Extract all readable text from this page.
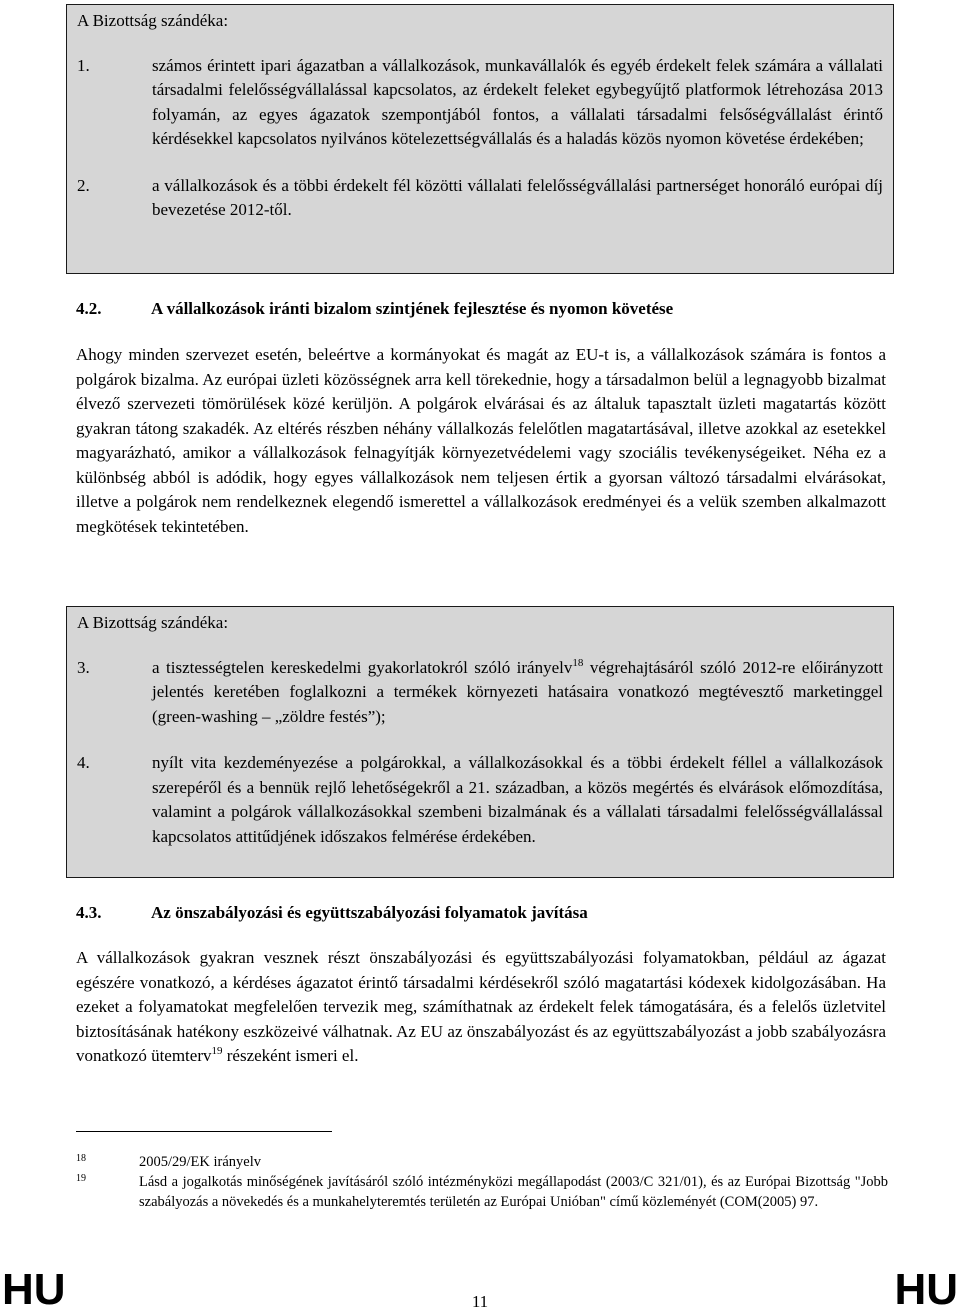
A Bizottság szándéka:
1.	számos érintett ipari ágazatban a vállalkozások, munkavállalók és egyéb érdekelt felek számára a vállalati társadalmi felelősségvállalással kapcsolatos, az érdekelt feleket egybegyűjtő platformok létrehozása 2013 folyamán, az egyes ágazatok szempontjából fontos, a vállalati társadalmi felsőségvállalást érintő kérdésekkel kapcsolatos nyilvános kötelezettségvállalás és a haladás közös nyomon követése érdekében;
2.	a vállalkozások és a többi érdekelt fél közötti vállalati felelősségvállalási partnerséget honoráló európai díj bevezetése 2012-től.
4.2.	A vállalkozások iránti bizalom szintjének fejlesztése és nyomon követése

Ahogy minden szervezet esetén, beleértve a kormányokat és magát az EU-t is, a vállalkozások számára is fontos a polgárok bizalma. Az európai üzleti közösségnek arra kell törekednie, hogy a társadalmon belül a legnagyobb bizalmat élvező szervezeti tömörülések közé kerüljön. A polgárok elvárásai és az általuk tapasztalt üzleti magatartás között gyakran tátong szakadék. Az eltérés részben néhány vállalkozás felelőtlen magatartásával, illetve azokkal az esetekkel magyarázható, amikor a vállalkozások felnagyítják környezetvédelemi vagy szociális tevékenységeiket. Néha ez a különbség abból is adódik, hogy egyes vállalkozások nem teljesen értik a gyorsan változó társadalmi elvárásokat, illetve a polgárok nem rendelkeznek elegendő ismerettel a vállalkozások eredményei és a velük szemben alkalmazott megkötések tekintetében.

A Bizottság szándéka:
3.	a tisztességtelen kereskedelmi gyakorlatokról szóló irányelv$^{18}$ végrehajtásáról szóló 2012-re előirányzott jelentés keretében foglalkozni a termékek környezeti hatásaira vonatkozó megtévesztő marketinggel (green-washing – „zöldre festés”);
4.	nyílt vita kezdeményezése a polgárokkal, a vállalkozásokkal és a többi érdekelt féllel a vállalkozások szerepéről és a bennük rejlő lehetőségekről a 21. században, a közös megértés és elvárások előmozdítása, valamint a polgárok vállalkozásokkal szembeni bizalmának és a vállalati társadalmi felelősségvállalással kapcsolatos attitűdjének időszakos felmérése érdekében.
4.3.	Az önszabályozási és együttszabályozási folyamatok javítása

A vállalkozások gyakran vesznek részt önszabályozási és együttszabályozási folyamatokban, például az ágazat egészére vonatkozó, a kérdéses ágazatot érintő társadalmi kérdésekről szóló magatartási kódexek kidolgozásában. Ha ezeket a folyamatokat megfelelően tervezik meg, számíthatnak az érdekelt felek támogatására, és a felelős üzletvitel biztosításának hatékony eszközeivé válhatnak. Az EU az önszabályozást és az együttszabályozást a jobb szabályozásra vonatkozó ütemterv$^{19}$ részeként ismeri el.

18	2005/29/EK irányelv
19	Lásd a jogalkotás minőségének javításáról szóló intézményközi megállapodást (2003/C 321/01), és az Európai Bizottság "Jobb szabályozás a növekedés és a munkahelyteremtés területén az Európai Unióban" című közleményét (COM(2005) 97.
HU	11	HU
